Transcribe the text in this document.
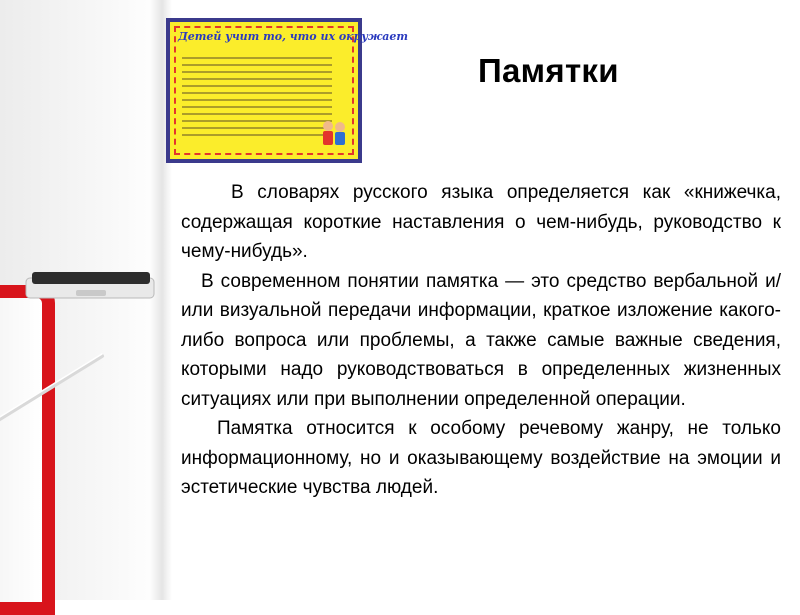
Детей учит то, что их окружает
Памятки

В словарях русского языка определяется как «книжечка, содержащая короткие наставления о чем-нибудь, руководство к чему-нибудь».

В современном понятии памятка — это средство вербальной и/или визуальной передачи информации, краткое изложение какого-либо вопроса или проблемы, а также самые важные сведения, которыми надо руководствоваться в определенных жизненных ситуациях или при выполнении определенной операции.

Памятка относится к особому речевому жанру, не только информационному, но и оказывающему воздействие на эмоции и эстетические чувства людей.
